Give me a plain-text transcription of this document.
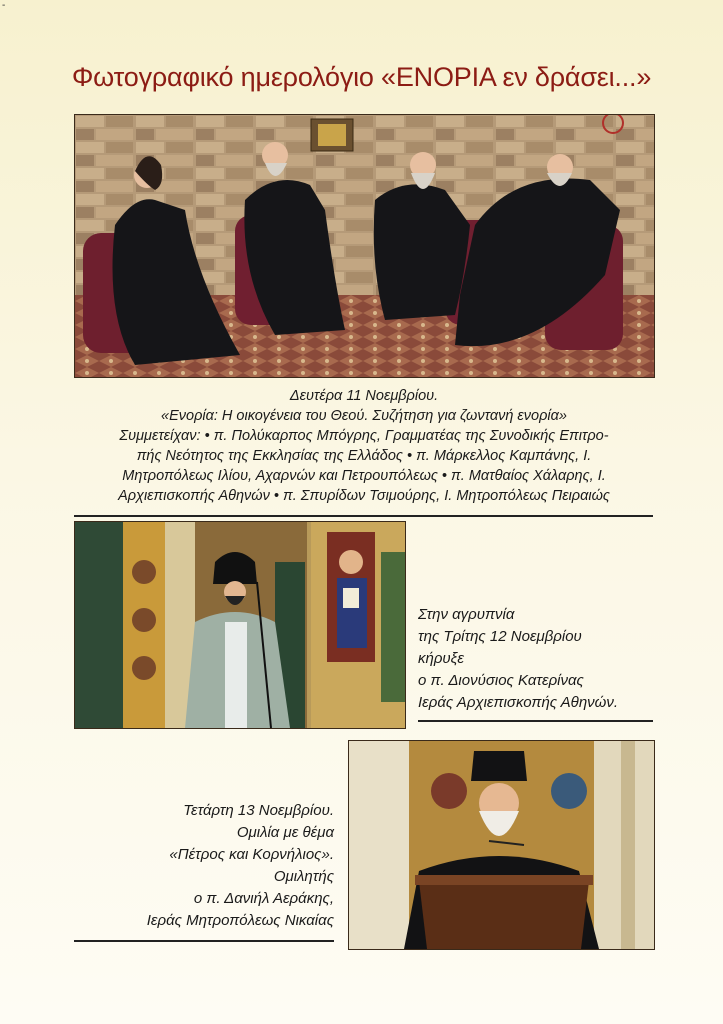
-
Φωτογραφικό ημερολόγιο «ΕΝΟΡΙΑ εν δράσει...»
Δευτέρα 11 Νοεμβρίου.
«Ενορία: Η οικογένεια του Θεού. Συζήτηση για ζωντανή ενορία»
Συμμετείχαν: • π. Πολύκαρπος Μπόγρης, Γραμματέας της Συνοδικής Επιτρο-
πής Νεότητος της Εκκλησίας της Ελλάδος • π. Μάρκελλος Καμπάνης, Ι.
Μητροπόλεως Ιλίου, Αχαρνών και Πετρουπόλεως • π. Ματθαίος Χάλαρης, Ι.
Αρχιεπισκοπής Αθηνών • π. Σπυρίδων Τσιμούρης, Ι. Μητροπόλεως Πειραιώς
Στην αγρυπνία
της Τρίτης 12 Νοεμβρίου
κήρυξε
ο π. Διονύσιος Κατερίνας
Ιεράς Αρχιεπισκοπής Αθηνών.
Τετάρτη 13 Νοεμβρίου.
Ομιλία με θέμα
«Πέτρος και Κορνήλιος».
Ομιλητής
ο π. Δανιήλ Αεράκης,
Ιεράς Μητροπόλεως Νικαίας
